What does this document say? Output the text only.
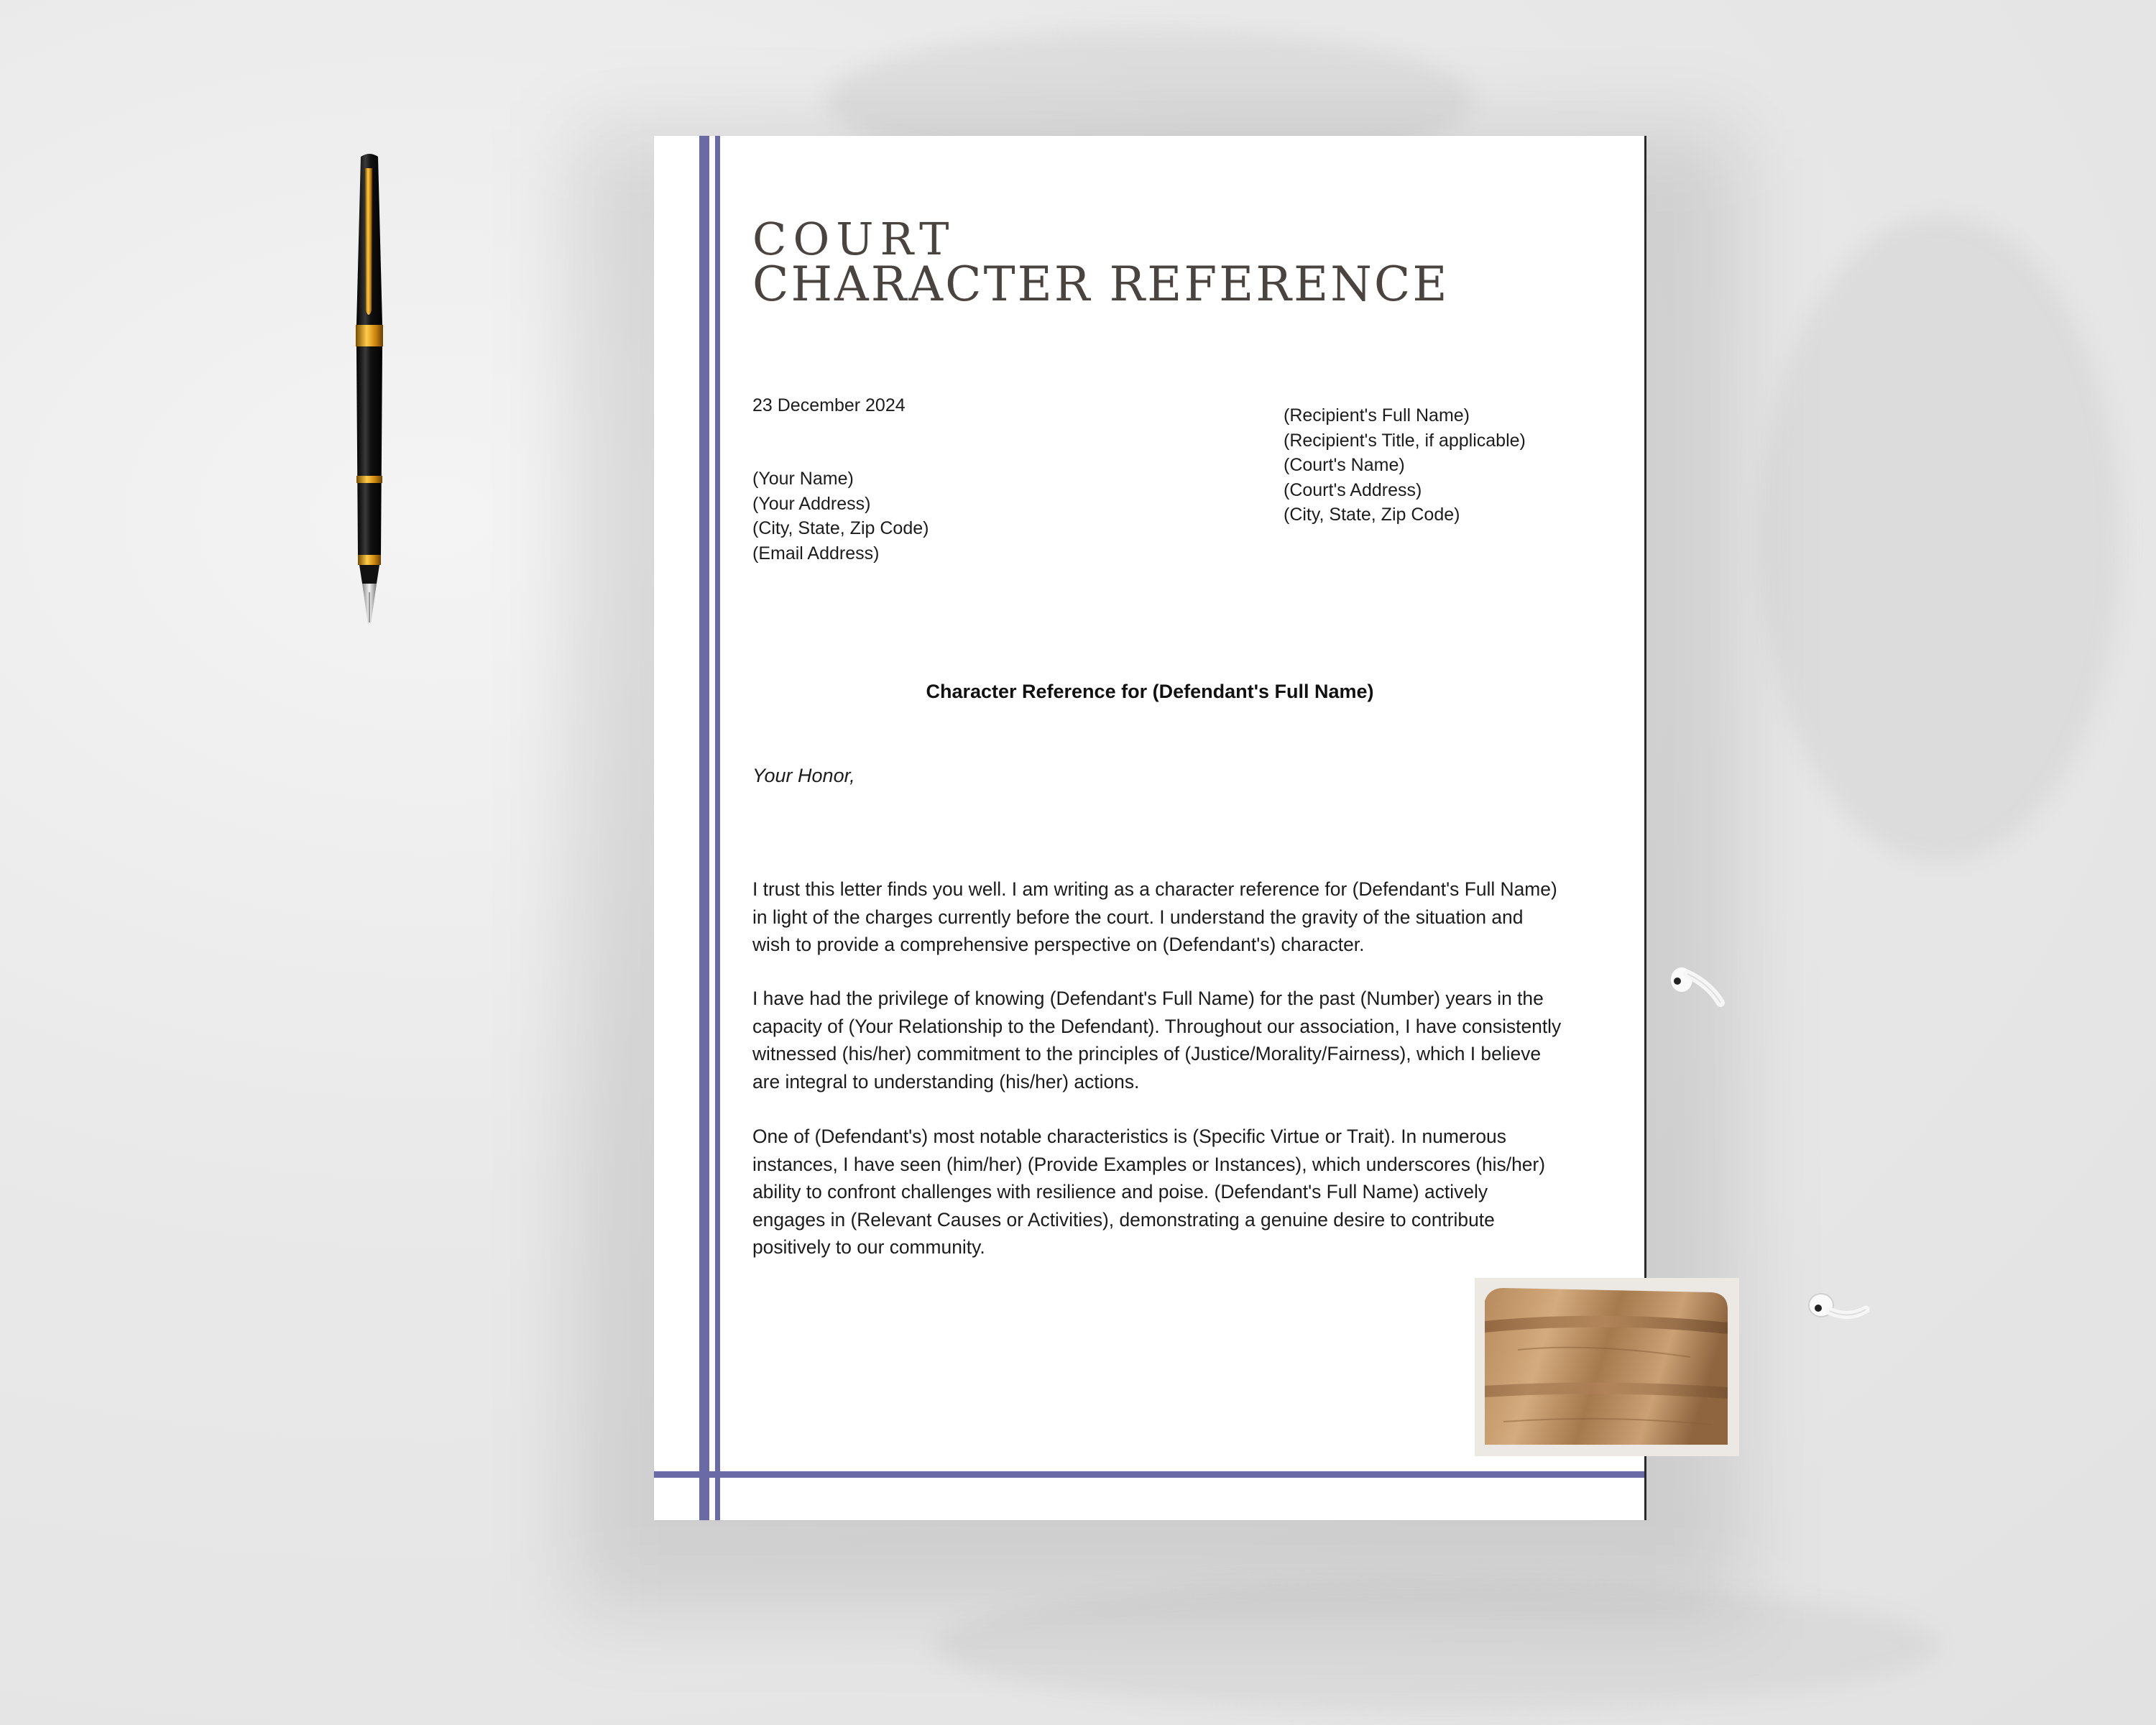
COURT
CHARACTER REFERENCE
23 December 2024
(Your Name)
(Your Address)
(City, State, Zip Code)
(Email Address)
(Recipient's Full Name)
(Recipient's Title, if applicable)
(Court's Name)
(Court's Address)
(City, State, Zip Code)
Character Reference for (Defendant's Full Name)
Your Honor,

I trust this letter finds you well. I am writing as a character reference for (Defendant's Full Name) in light of the charges currently before the court. I understand the gravity of the situation and wish to provide a comprehensive perspective on (Defendant's) character.

I have had the privilege of knowing (Defendant's Full Name) for the past (Number) years in the capacity of (Your Relationship to the Defendant). Throughout our association, I have consistently witnessed (his/her) commitment to the principles of (Justice/Morality/Fairness), which I believe are integral to understanding (his/her) actions.

One of (Defendant's) most notable characteristics is (Specific Virtue or Trait). In numerous instances, I have seen (him/her) (Provide Examples or Instances), which underscores (his/her) ability to confront challenges with resilience and poise. (Defendant's Full Name) actively engages in (Relevant Causes or Activities), demonstrating a genuine desire to contribute positively to our community.
